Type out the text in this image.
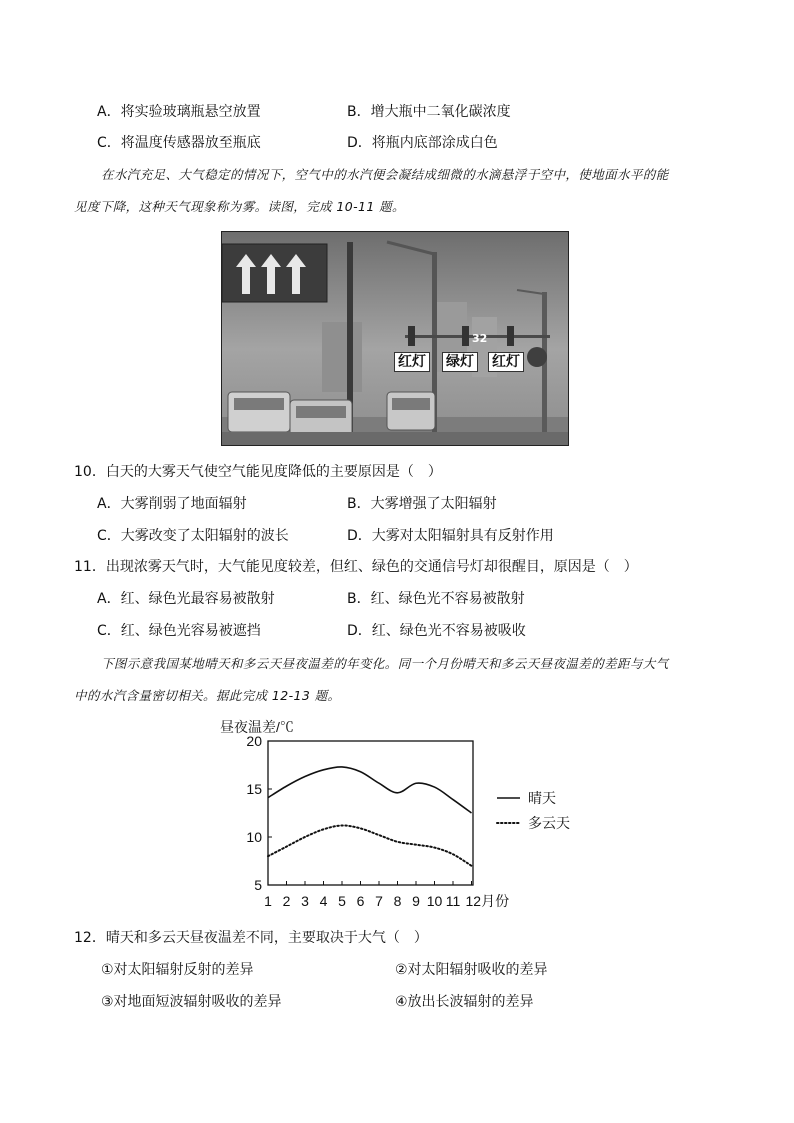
A．将实验玻璃瓶悬空放置	B．增大瓶中二氧化碳浓度
C．将温度传感器放至瓶底	D．将瓶内底部涂成白色
在水汽充足、大气稳定的情况下，空气中的水汽便会凝结成细微的水滴悬浮于空中，使地面水平的能
见度下降，这种天气现象称为雾。读图，完成 10-11 题。
32
红灯 绿灯 红灯
10．白天的大雾天气使空气能见度降低的主要原因是（　）
A．大雾削弱了地面辐射	B．大雾增强了太阳辐射
C．大雾改变了太阳辐射的波长	D．大雾对太阳辐射具有反射作用
11．出现浓雾天气时，大气能见度较差，但红、绿色的交通信号灯却很醒目，原因是（　）
A．红、绿色光最容易被散射	B．红、绿色光不容易被散射
C．红、绿色光容易被遮挡	D．红、绿色光不容易被吸收
下图示意我国某地晴天和多云天昼夜温差的年变化。同一个月份晴天和多云天昼夜温差的差距与大气
中的水汽含量密切相关。据此完成 12-13 题。
昼夜温差/℃
20
15
10
5
1 2 3 4 5 6 7 8 9 10 11 12月份
晴天
多云天
12．晴天和多云天昼夜温差不同，主要取决于大气（　）
①对太阳辐射反射的差异	②对太阳辐射吸收的差异
③对地面短波辐射吸收的差异	④放出长波辐射的差异
